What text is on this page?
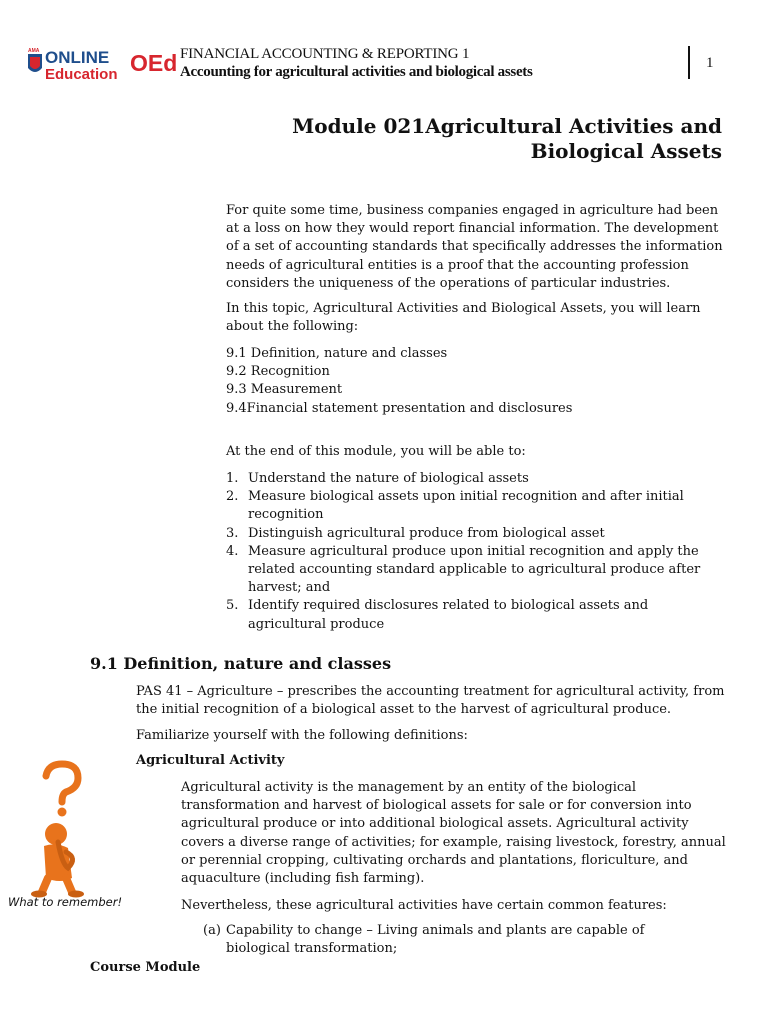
AMA ONLINE
Education OEd FINANCIAL ACCOUNTING & REPORTING 1
Accounting for agricultural activities and biological assets
1
Module 021Agricultural Activities and
Biological Assets

For quite some time, business companies engaged in agriculture had been at a loss on how they would report financial information. The development of a set of accounting standards that specifically addresses the information needs of agricultural entities is a proof that the accounting profession considers the uniqueness of the operations of particular industries.

In this topic, Agricultural Activities and Biological Assets, you will learn about the following:

9.1 Definition, nature and classes
9.2 Recognition
9.3 Measurement
9.4Financial statement presentation and disclosures

At the end of this module, you will be able to:

1. Understand the nature of biological assets
2. Measure biological assets upon initial recognition and after initial recognition
3. Distinguish agricultural produce from biological asset
4. Measure agricultural produce upon initial recognition and apply the related accounting standard applicable to agricultural produce after harvest; and
5. Identify required disclosures related to biological assets and agricultural produce
9.1 Definition, nature and classes

PAS 41 – Agriculture – prescribes the accounting treatment for agricultural activity, from the initial recognition of a biological asset to the harvest of agricultural produce.

Familiarize yourself with the following definitions:

Agricultural Activity

Agricultural activity is the management by an entity of the biological transformation and harvest of biological assets for sale or for conversion into agricultural produce or into additional biological assets. Agricultural activity covers a diverse range of activities; for example, raising livestock, forestry, annual or perennial cropping, cultivating orchards and plantations, floriculture, and aquaculture (including fish farming).

Nevertheless, these agricultural activities have certain common features:

(a) Capability to change – Living animals and plants are capable of biological transformation;
What to remember!
Course Module
